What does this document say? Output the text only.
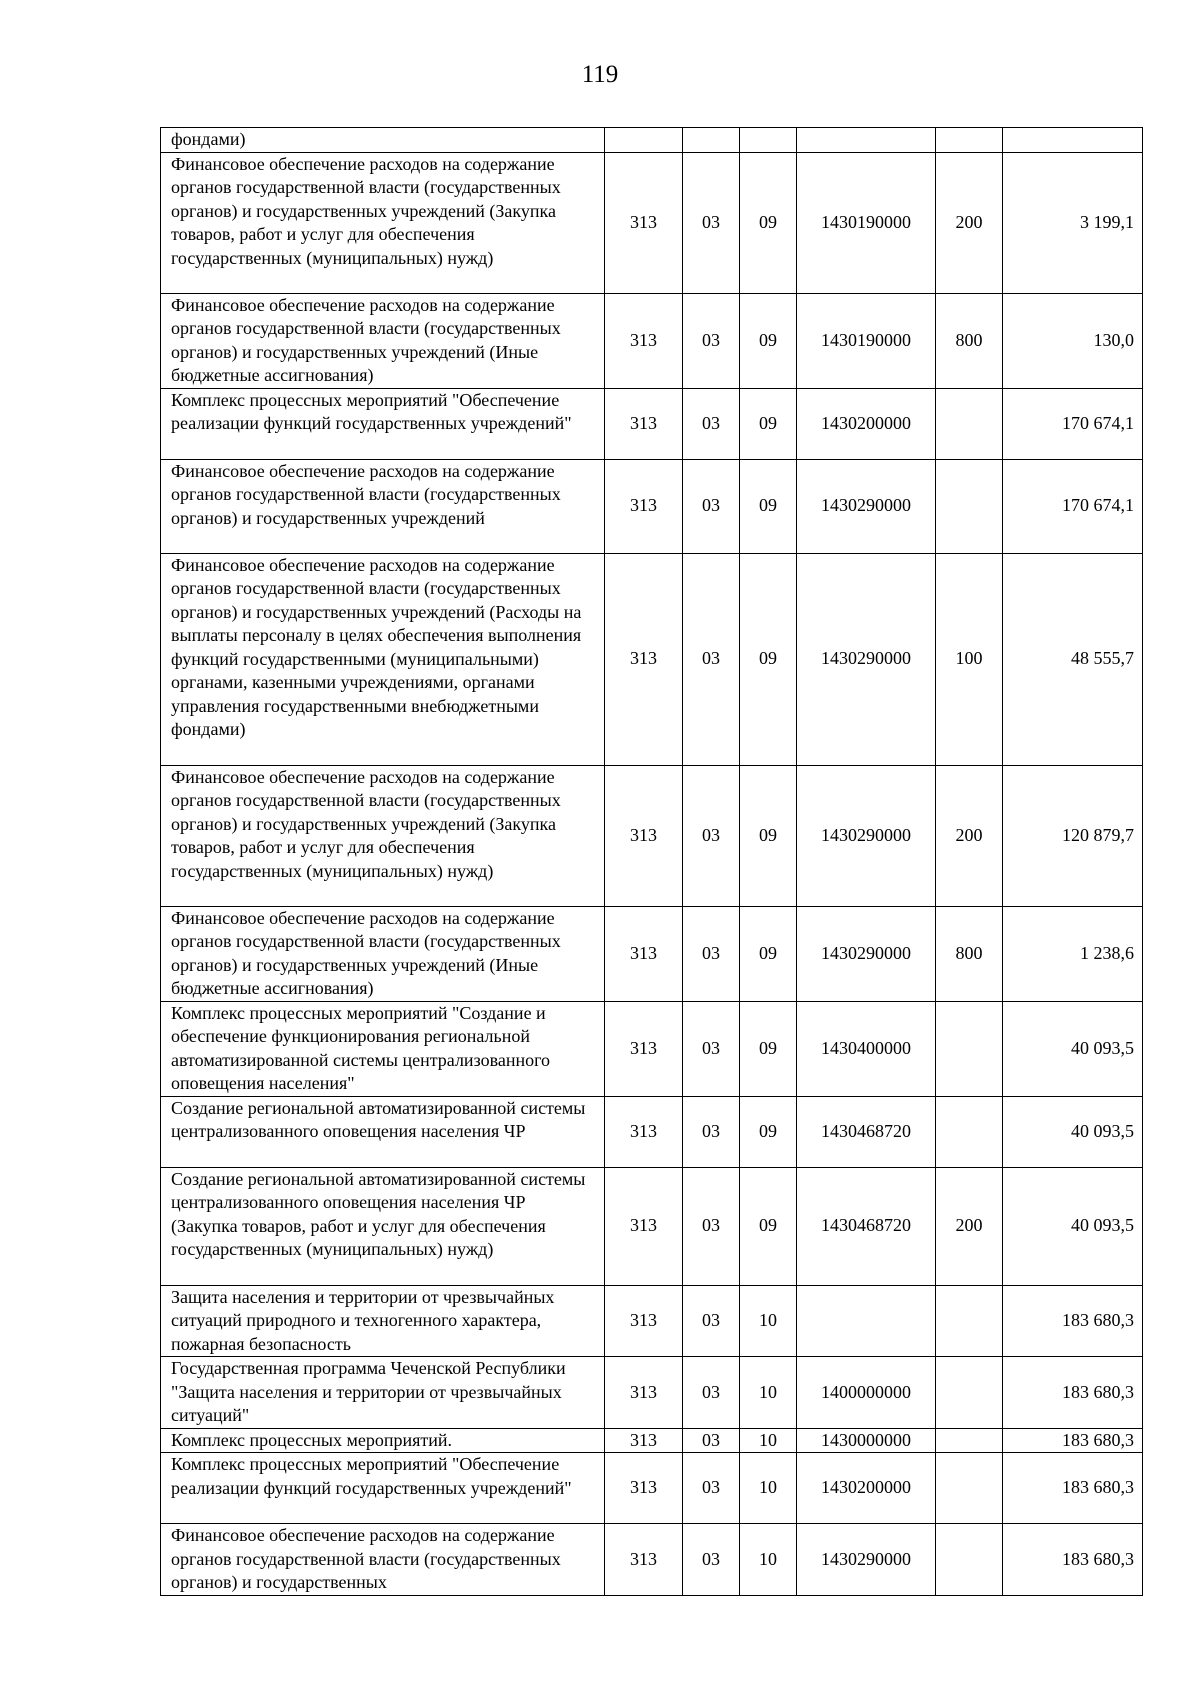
119
фондами)						
Финансовое обеспечение расходов на содержание органов государственной власти (государственных органов) и государственных учреждений (Закупка товаров, работ и услуг для обеспечения государственных (муниципальных) нужд)	313	03	09	1430190000	200	3 199,1
Финансовое обеспечение расходов на содержание органов государственной власти (государственных органов) и государственных учреждений (Иные бюджетные ассигнования)	313	03	09	1430190000	800	130,0
Комплекс процессных мероприятий "Обеспечение реализации функций государственных учреждений"	313	03	09	1430200000		170 674,1
Финансовое обеспечение расходов на содержание органов государственной власти (государственных органов) и государственных учреждений	313	03	09	1430290000		170 674,1
Финансовое обеспечение расходов на содержание органов государственной власти (государственных органов) и государственных учреждений (Расходы на выплаты персоналу в целях обеспечения выполнения функций государственными (муниципальными) органами, казенными учреждениями, органами управления государственными внебюджетными фондами)	313	03	09	1430290000	100	48 555,7
Финансовое обеспечение расходов на содержание органов государственной власти (государственных органов) и государственных учреждений (Закупка товаров, работ и услуг для обеспечения государственных (муниципальных) нужд)	313	03	09	1430290000	200	120 879,7
Финансовое обеспечение расходов на содержание органов государственной власти (государственных органов) и государственных учреждений (Иные бюджетные ассигнования)	313	03	09	1430290000	800	1 238,6
Комплекс процессных мероприятий "Создание и обеспечение функционирования региональной автоматизированной системы централизованного оповещения населения"	313	03	09	1430400000		40 093,5
Создание региональной автоматизированной системы централизованного оповещения населения ЧР	313	03	09	1430468720		40 093,5
Создание региональной автоматизированной системы централизованного оповещения населения ЧР (Закупка товаров, работ и услуг для обеспечения государственных (муниципальных) нужд)	313	03	09	1430468720	200	40 093,5
Защита населения и территории от чрезвычайных ситуаций природного и техногенного характера, пожарная безопасность	313	03	10			183 680,3
Государственная программа Чеченской Республики "Защита населения и территории от чрезвычайных ситуаций"	313	03	10	1400000000		183 680,3
Комплекс процессных мероприятий.	313	03	10	1430000000		183 680,3
Комплекс процессных мероприятий "Обеспечение реализации функций государственных учреждений"	313	03	10	1430200000		183 680,3
Финансовое обеспечение расходов на содержание органов государственной власти (государственных органов) и государственных	313	03	10	1430290000		183 680,3
